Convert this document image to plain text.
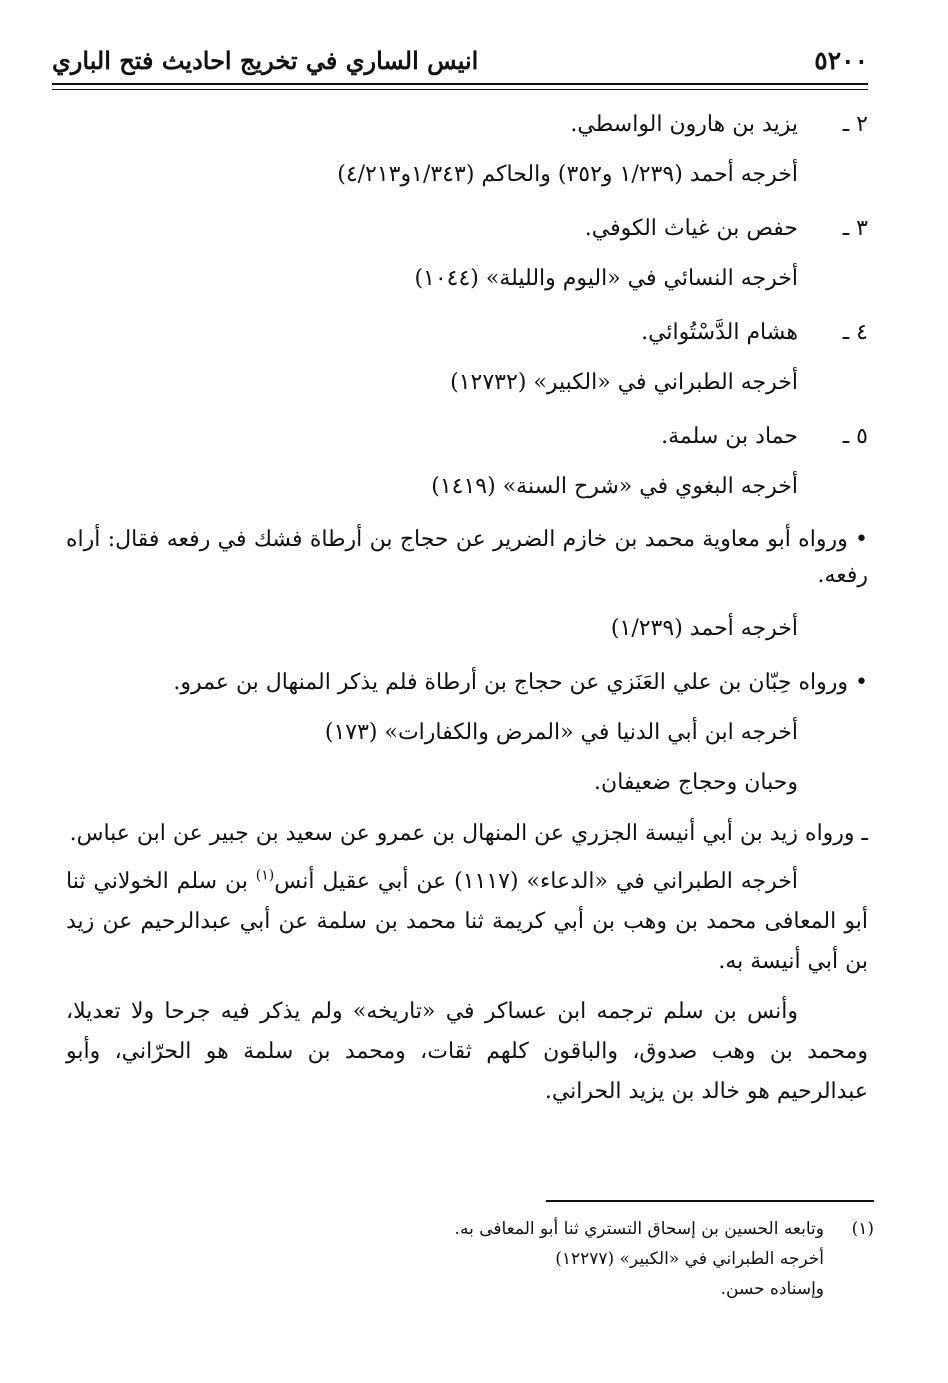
٥٢٠٠
انيس الساري في تخريج احاديث فتح الباري
٢ ـ
يزيد بن هارون الواسطي.

أخرجه أحمد (١/٢٣٩ و٣٥٢) والحاكم (١/٣٤٣و٤/٢١٣)

٣ ـ
حفص بن غياث الكوفي.

أخرجه النسائي في «اليوم والليلة» (١٠٤٤)

٤ ـ
هشام الدَّسْتُوائي.

أخرجه الطبراني في «الكبير» (١٢٧٣٢)

٥ ـ
حماد بن سلمة.

أخرجه البغوي في «شرح السنة» (١٤١٩)

• ورواه أبو معاوية محمد بن خازم الضرير عن حجاج بن أرطاة فشك في رفعه فقال: أراه رفعه.

أخرجه أحمد (١/٢٣٩)

• ورواه حِبّان بن علي العَنَزي عن حجاج بن أرطاة فلم يذكر المنهال بن عمرو.

أخرجه ابن أبي الدنيا في «المرض والكفارات» (١٧٣)

وحبان وحجاج ضعيفان.

ـ ورواه زيد بن أبي أنيسة الجزري عن المنهال بن عمرو عن سعيد بن جبير عن ابن عباس.

أخرجه الطبراني في «الدعاء» (١١١٧) عن أبي عقيل أنس$^{(١)}$ بن سلم الخولاني ثنا أبو المعافى محمد بن وهب بن أبي كريمة ثنا محمد بن سلمة عن أبي عبدالرحيم عن زيد بن أبي أنيسة به.

وأنس بن سلم ترجمه ابن عساكر في «تاريخه» ولم يذكر فيه جرحا ولا تعديلا، ومحمد بن وهب صدوق، والباقون كلهم ثقات، ومحمد بن سلمة هو الحرّاني، وأبو عبدالرحيم هو خالد بن يزيد الحراني.

(١)
وتابعه الحسين بن إسحاق التستري ثنا أبو المعافى به.
أخرجه الطبراني في «الكبير» (١٢٢٧٧)
وإسناده حسن.
